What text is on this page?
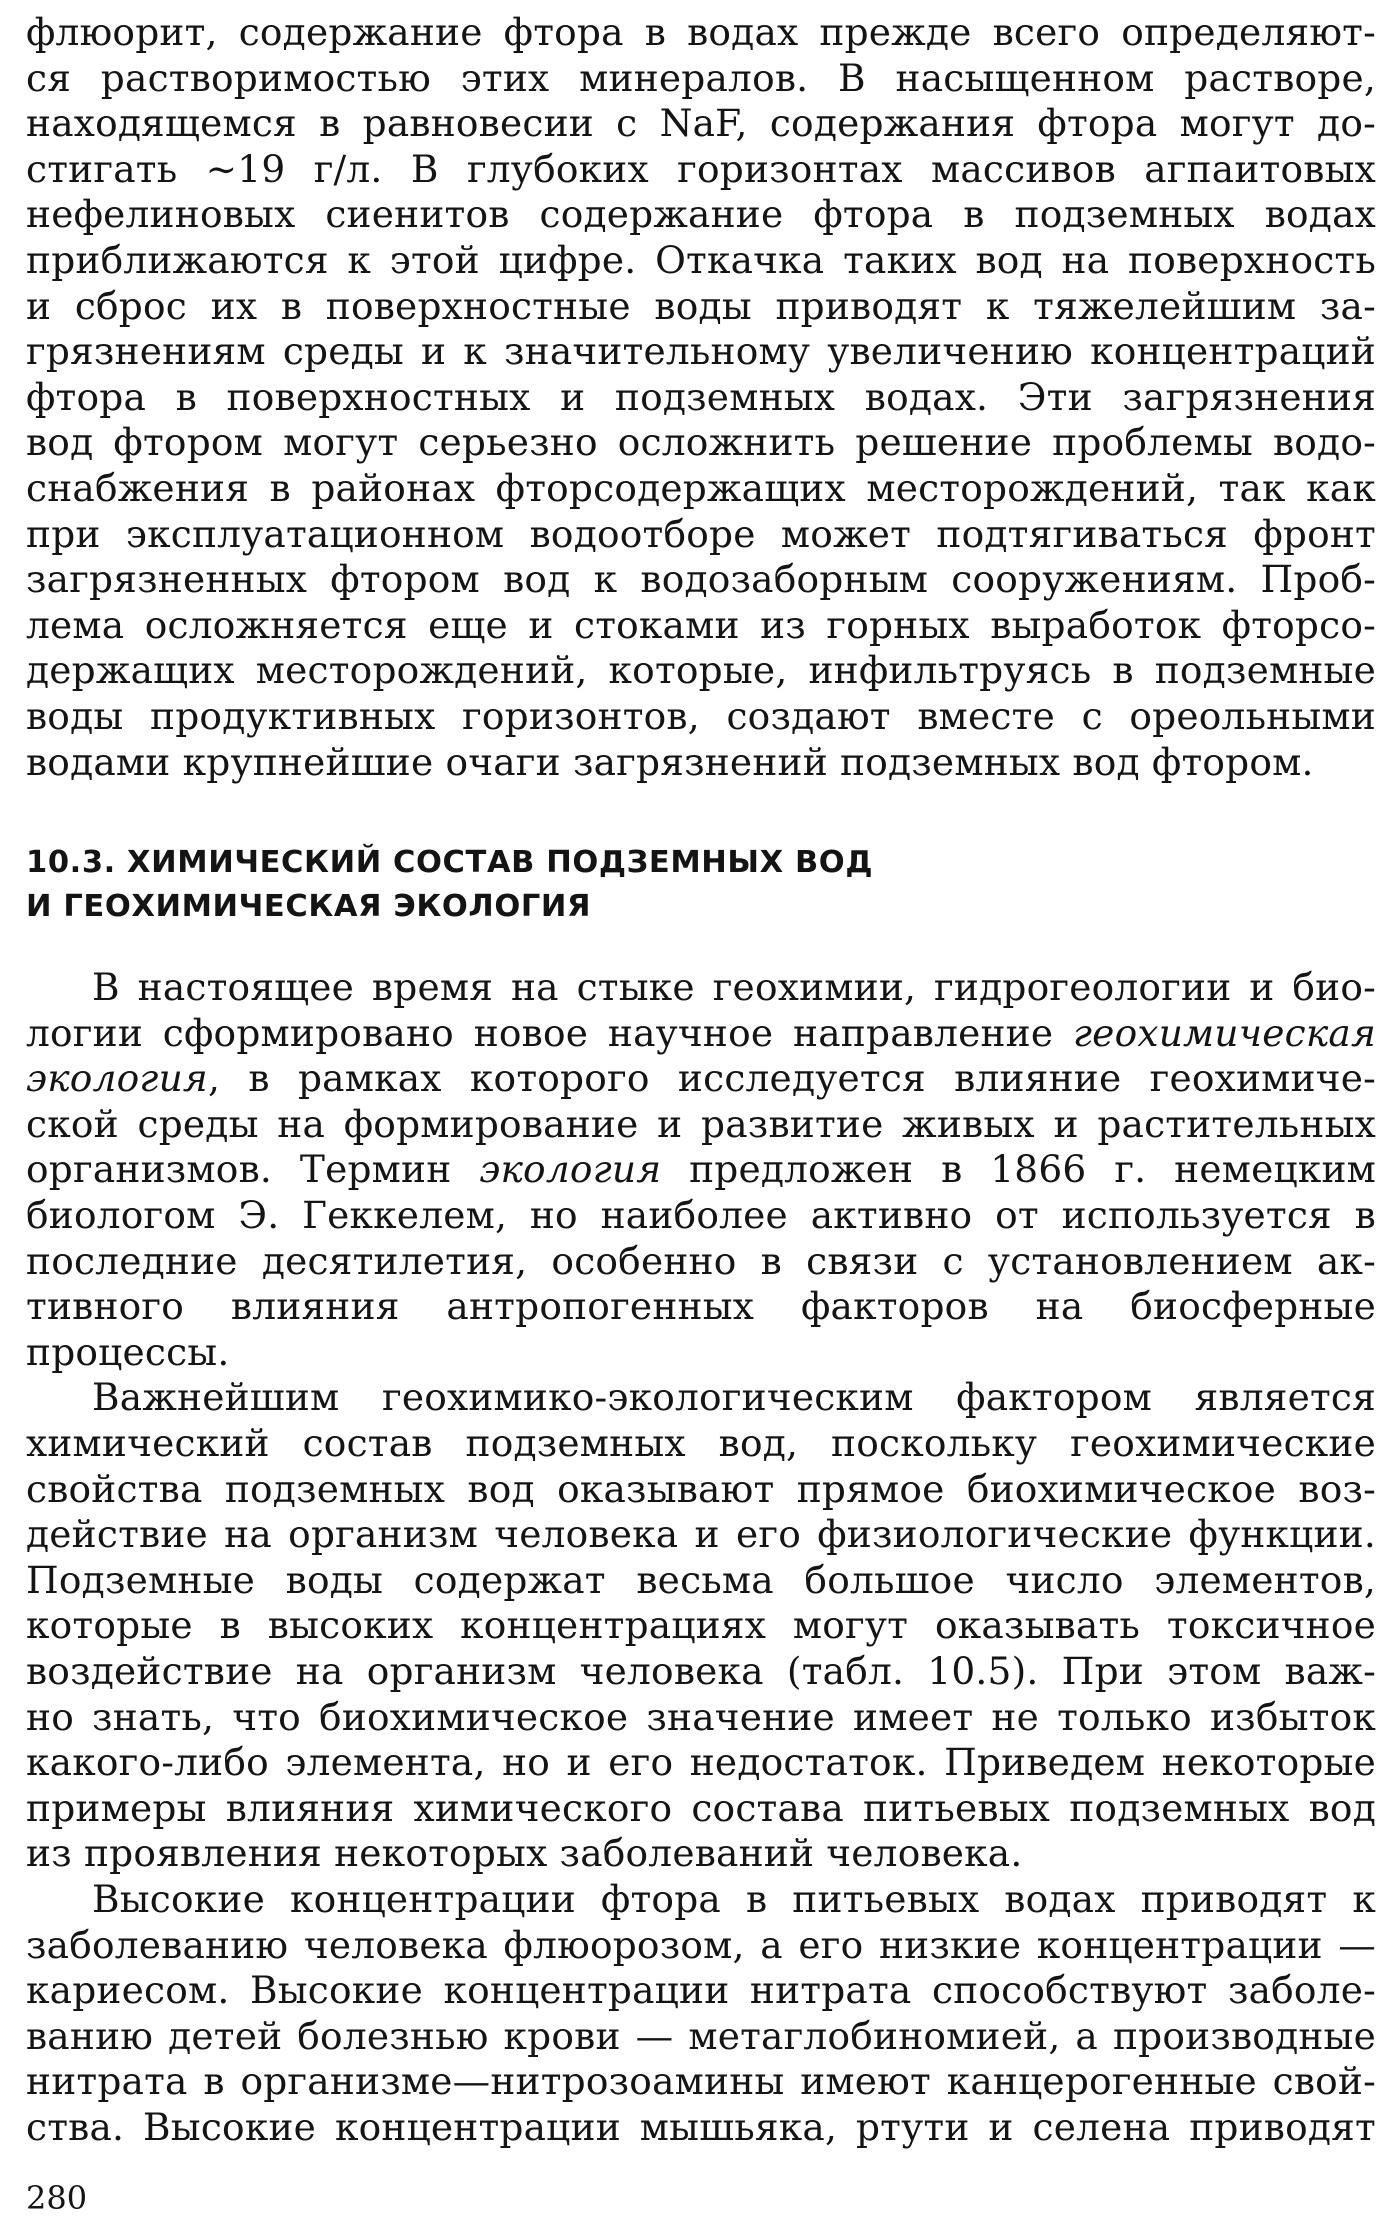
флюорит, содержание фтора в водах прежде всего определяют-
ся растворимостью этих минералов. В насыщенном растворе,
находящемся в равновесии с NaF, содержания фтора могут до-
стигать ∼19 г/л. В глубоких горизонтах массивов агпаитовых
нефелиновых сиенитов содержание фтора в подземных водах
приближаются к этой цифре. Откачка таких вод на поверхность
и сброс их в поверхностные воды приводят к тяжелейшим за-
грязнениям среды и к значительному увеличению концентраций
фтора в поверхностных и подземных водах. Эти загрязнения
вод фтором могут серьезно осложнить решение проблемы водо-
снабжения в районах фторсодержащих месторождений, так как
при эксплуатационном водоотборе может подтягиваться фронт
загрязненных фтором вод к водозаборным сооружениям. Проб-
лема осложняется еще и стоками из горных выработок фторсо-
держащих месторождений, которые, инфильтруясь в подземные
воды продуктивных горизонтов, создают вместе с ореольными
водами крупнейшие очаги загрязнений подземных вод фтором.
10.3. ХИМИЧЕСКИЙ СОСТАВ ПОДЗЕМНЫХ ВОД
И ГЕОХИМИЧЕСКАЯ ЭКОЛОГИЯ
В настоящее время на стыке геохимии, гидрогеологии и био-
логии сформировано новое научное направление геохимическая
экология, в рамках которого исследуется влияние геохимиче-
ской среды на формирование и развитие живых и растительных
организмов. Термин экология предложен в 1866 г. немецким
биологом Э. Геккелем, но наиболее активно от используется в
последние десятилетия, особенно в связи с установлением ак-
тивного влияния антропогенных факторов на биосферные
процессы.
Важнейшим геохимико-экологическим фактором является
химический состав подземных вод, поскольку геохимические
свойства подземных вод оказывают прямое биохимическое воз-
действие на организм человека и его физиологические функции.
Подземные воды содержат весьма большое число элементов,
которые в высоких концентрациях могут оказывать токсичное
воздействие на организм человека (табл. 10.5). При этом важ-
но знать, что биохимическое значение имеет не только избыток
какого-либо элемента, но и его недостаток. Приведем некоторые
примеры влияния химического состава питьевых подземных вод
из проявления некоторых заболеваний человека.
Высокие концентрации фтора в питьевых водах приводят к
заболеванию человека флюорозом, а его низкие концентрации —
кариесом. Высокие концентрации нитрата способствуют заболе-
ванию детей болезнью крови — метаглобиномией, а производные
нитрата в организме—нитрозоамины имеют канцерогенные свой-
ства. Высокие концентрации мышьяка, ртути и селена приводят
280
